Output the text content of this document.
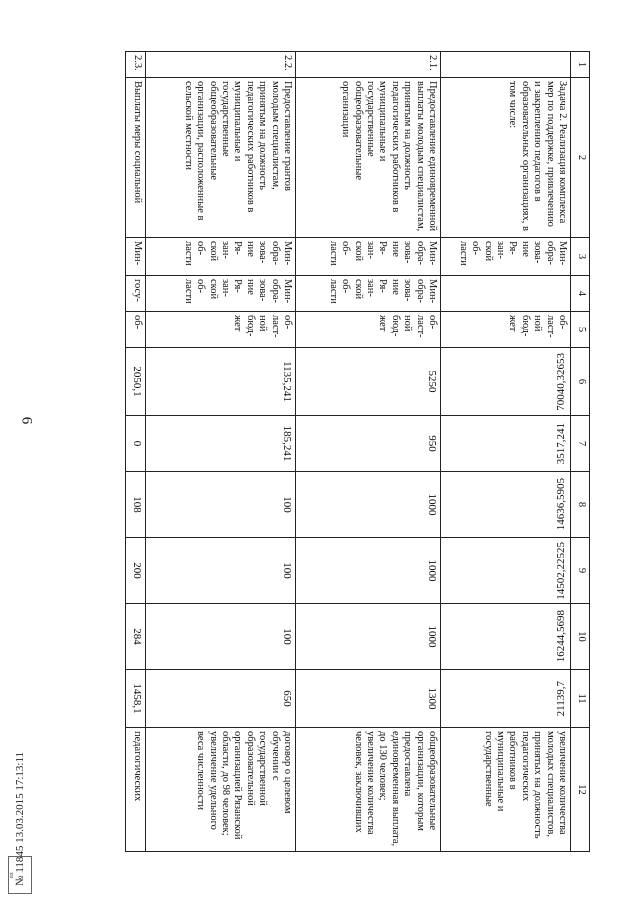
6
1	2	3	4	5	6	7	8	9	10	11	12
	Задача 2. Реализация комплекса мер по поддержке, привлечению и закреплению педагогов в образовательных организациях, в том числе:	Мин-обра-зова-ние Ря-зан-ской об-ласти		об-ласт-ной бюд-жет	70040,32653	3517,241	14636,5905	14502,22525	16244,5698	21139,7	увеличение количества молодых специалистов, принятых на должность педагогических работников в муниципальные и государственные
2.1.	Предоставление единовременной выплаты молодым специалистам, принятым на должность педагогических работников в муниципальные и государственные общеобразовательные организации	Мин-обра-зова-ние Ря-зан-ской об-ласти	Мин-обра-зова-ние Ря-зан-ской об-ласти	об-ласт-ной бюд-жет	5250	950	1000	1000	1000	1300	общеобразовательные организации, которым предоставлена единовременная выплата, до 130 человек; увеличение количества человек, заключивших
2.2.	Предоставление грантов молодым специалистам, принятым на должность педагогических работников в муниципальные и государственные общеобразовательные организации, расположенные в сельской местности	Мин-обра-зова-ние Ря-зан-ской об-ласти	Мин-обра-зова-ние Ря-зан-ской об-ласти	об-ласт-ной бюд-жет	1135,241	185,241	100	100	100	650	договор о целевом обучении с государственной образовательной организацией Рязанской области, до 98 человек; увеличение удельного веса численности
2.3.	Выплаты меры социальной	Мин-	госу-	об-	2050,1	0	108	200	284	1458,1	педагогических
вх № 11845 13.03.2015 17:13:11
